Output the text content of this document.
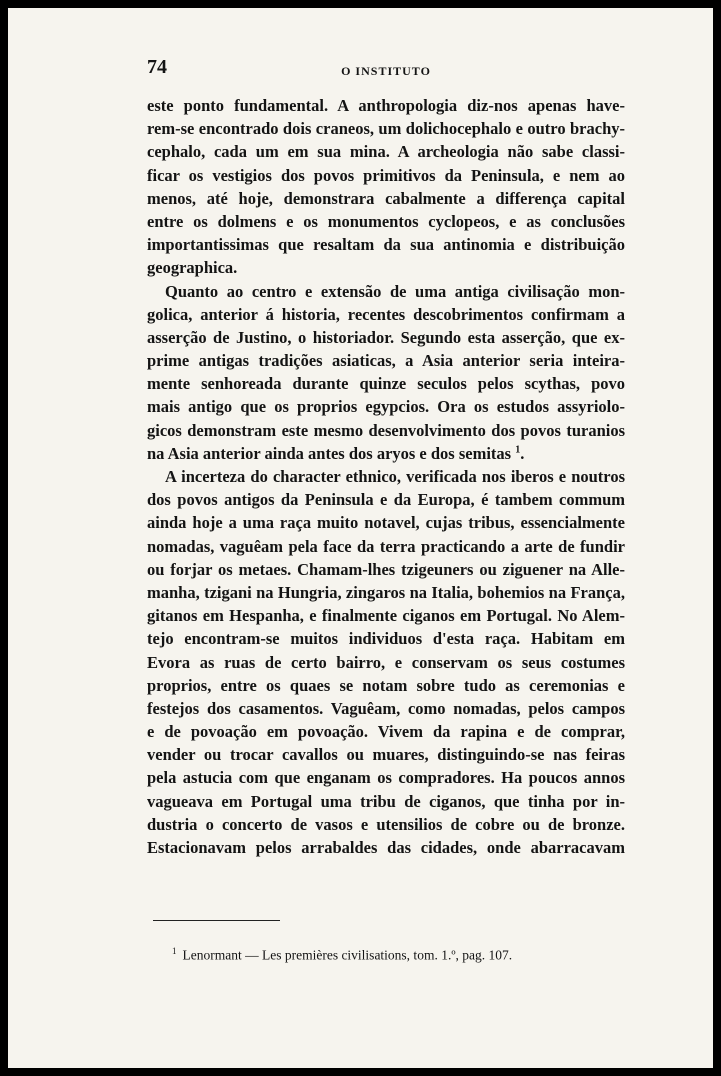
74	O INSTITUTO
este ponto fundamental. A anthropologia diz-nos apenas have-
rem-se encontrado dois craneos, um dolichocephalo e outro brachy-
cephalo, cada um em sua mina. A archeologia não sabe classi-
ficar os vestigios dos povos primitivos da Peninsula, e nem ao
menos, até hoje, demonstrara cabalmente a differença capital
entre os dolmens e os monumentos cyclopeos, e as conclusões
importantissimas que resaltam da sua antinomia e distribuição
geographica.
Quanto ao centro e extensão de uma antiga civilisação mon-
golica, anterior á historia, recentes descobrimentos confirmam a
asserção de Justino, o historiador. Segundo esta asserção, que ex-
prime antigas tradições asiaticas, a Asia anterior seria inteira-
mente senhoreada durante quinze seculos pelos scythas, povo
mais antigo que os proprios egypcios. Ora os estudos assyriolo-
gicos demonstram este mesmo desenvolvimento dos povos turanios
na Asia anterior ainda antes dos aryos e dos semitas $^1$.
A incerteza do character ethnico, verificada nos iberos e noutros
dos povos antigos da Peninsula e da Europa, é tambem commum
ainda hoje a uma raça muito notavel, cujas tribus, essencialmente
nomadas, vaguêam pela face da terra practicando a arte de fundir
ou forjar os metaes. Chamam-lhes tzigeuners ou ziguener na Alle-
manha, tzigani na Hungria, zingaros na Italia, bohemios na França,
gitanos em Hespanha, e finalmente ciganos em Portugal. No Alem-
tejo encontram-se muitos individuos d'esta raça. Habitam em
Evora as ruas de certo bairro, e conservam os seus costumes
proprios, entre os quaes se notam sobre tudo as ceremonias e
festejos dos casamentos. Vaguêam, como nomadas, pelos campos
e de povoação em povoação. Vivem da rapina e de comprar,
vender ou trocar cavallos ou muares, distinguindo-se nas feiras
pela astucia com que enganam os compradores. Ha poucos annos
vagueava em Portugal uma tribu de ciganos, que tinha por in-
dustria o concerto de vasos e utensilios de cobre ou de bronze.
Estacionavam pelos arrabaldes das cidades, onde abarracavam
$^1$ Lenormant — Les premières civilisations, tom. 1.º, pag. 107.
